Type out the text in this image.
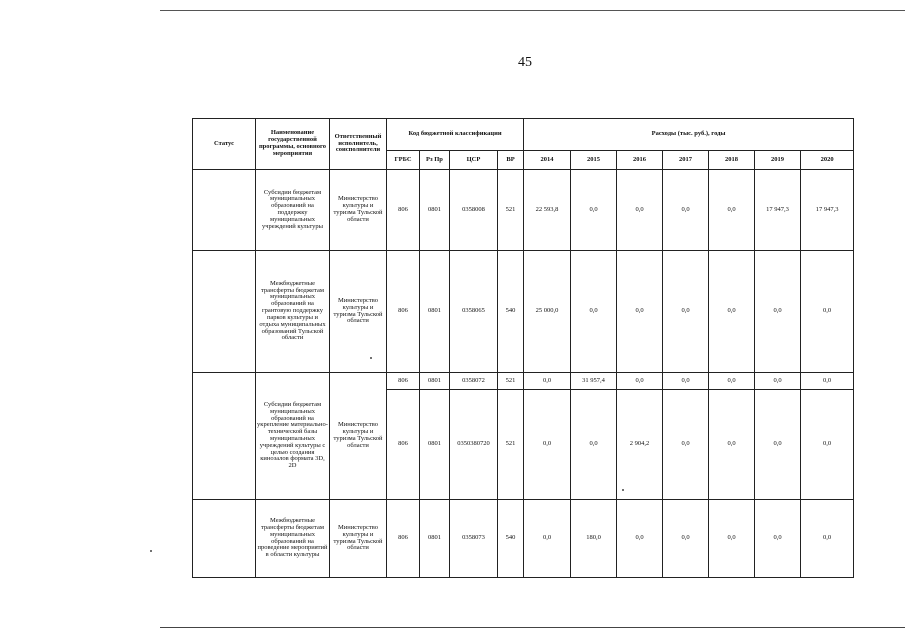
45
Статус	Наименование государственной программы, основного мероприятия	Ответственный исполнитель, соисполнители	Код бюджетной классификации				Расходы (тыс. руб.), годы						
			ГРБС	Рз Пр	ЦСР	ВР	2014	2015	2016	2017	2018	2019	2020
	Субсидии бюджетам муниципальных образований на поддержку муниципальных учреждений культуры	Министерство культуры и туризма Тульской области	806	0801	0358008	521	22 593,8	0,0	0,0	0,0	0,0	17 947,3	17 947,3
	Межбюджетные трансферты бюджетам муниципальных образований на грантовую поддержку парков культуры и отдыха муниципальных образований Тульской области	Министерство культуры и туризма Тульской области	806	0801	0358065	540	25 000,0	0,0	0,0	0,0	0,0	0,0	0,0
	Субсидии бюджетам муниципальных образований на укрепление материально-технической базы муниципальных учреждений культуры с целью создания кинозалов формата 3D, 2D	Министерство культуры и туризма Тульской области	806	0801	0358072	521	0,0	31 957,4	0,0	0,0	0,0	0,0	0,0
			806	0801	0350380720	521	0,0	0,0	2 904,2	0,0	0,0	0,0	0,0
	Межбюджетные трансферты бюджетам муниципальных образований на проведение мероприятий в области культуры	Министерство культуры и туризма Тульской области	806	0801	0358073	540	0,0	180,0	0,0	0,0	0,0	0,0	0,0
